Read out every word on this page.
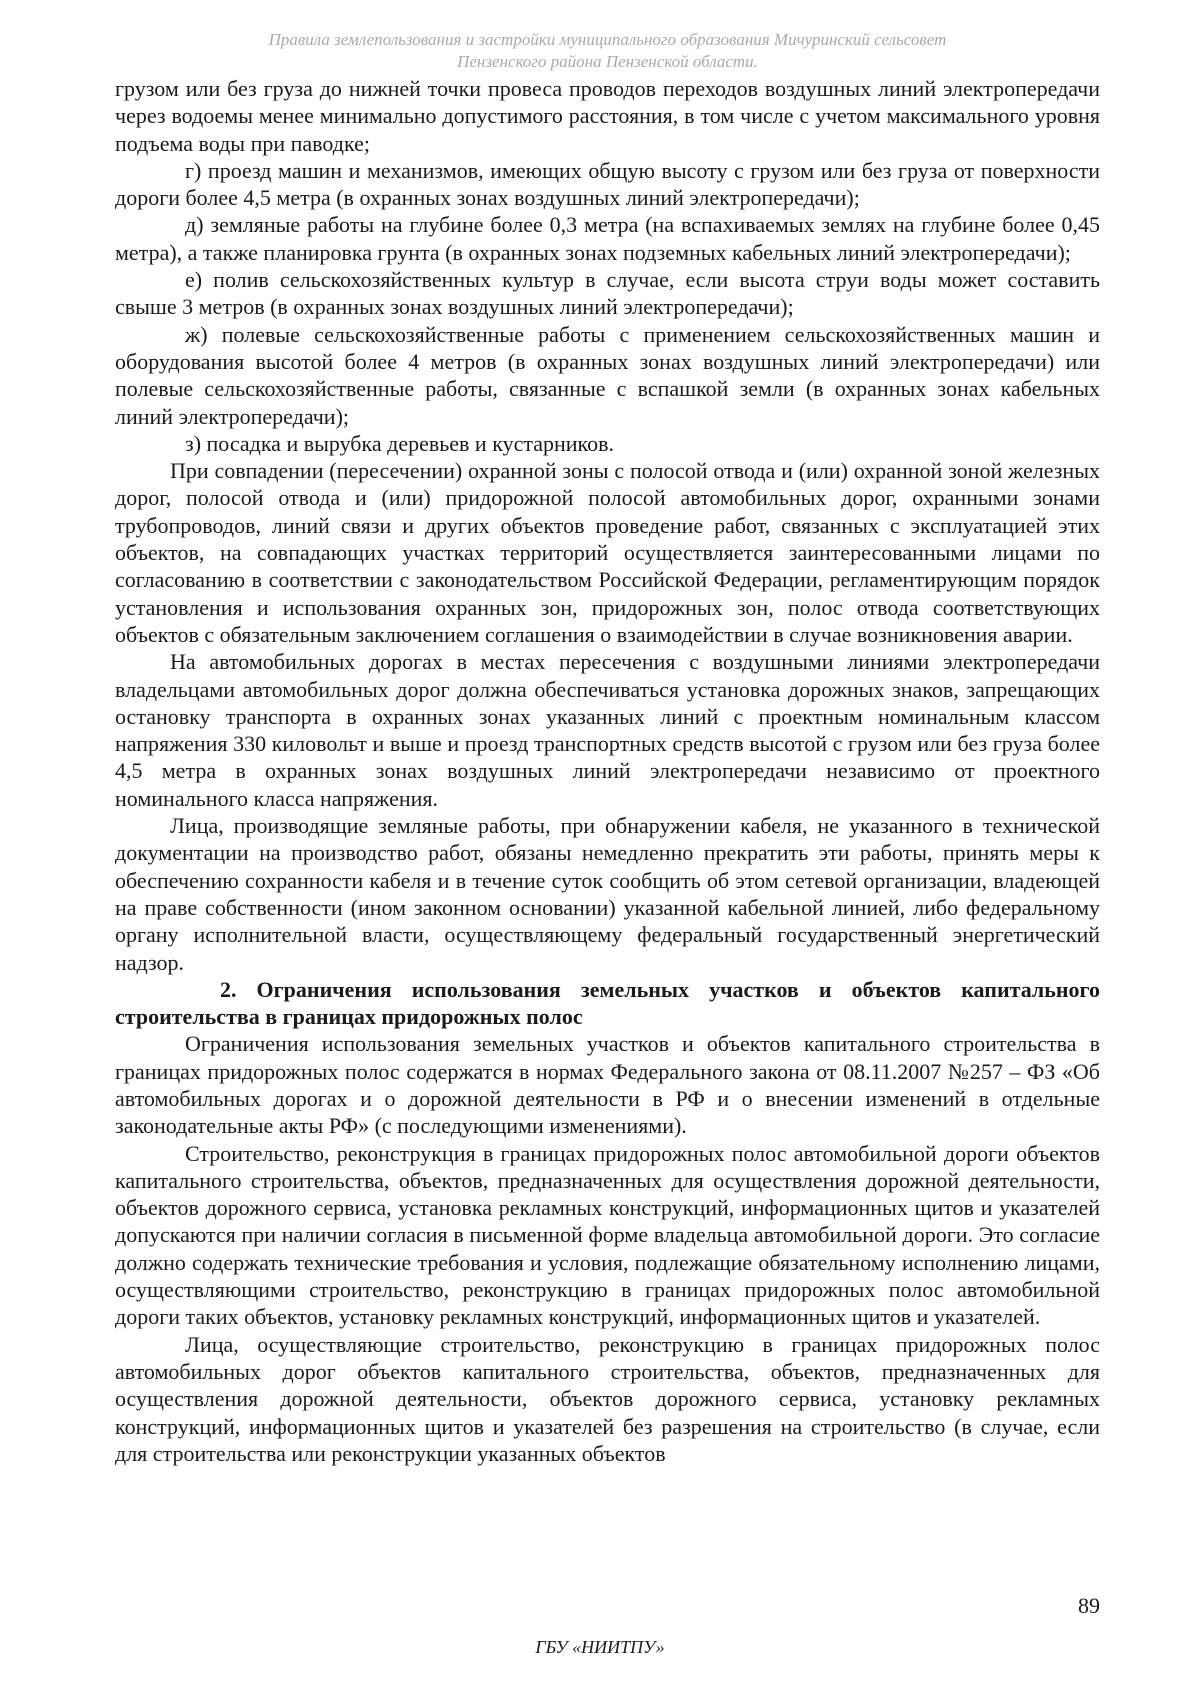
Правила землепользования и застройки муниципального образования Мичуринский сельсовет
Пензенского района Пензенской области.

грузом или без груза до нижней точки провеса проводов переходов воздушных линий электропередачи через водоемы менее минимально допустимого расстояния, в том числе с учетом максимального уровня подъема воды при паводке;

г) проезд машин и механизмов, имеющих общую высоту с грузом или без груза от поверхности дороги более 4,5 метра (в охранных зонах воздушных линий электропередачи);

д) земляные работы на глубине более 0,3 метра (на вспахиваемых землях на глубине более 0,45 метра), а также планировка грунта (в охранных зонах подземных кабельных линий электропередачи);

е) полив сельскохозяйственных культур в случае, если высота струи воды может составить свыше 3 метров (в охранных зонах воздушных линий электропередачи);

ж) полевые сельскохозяйственные работы с применением сельскохозяйственных машин и оборудования высотой более 4 метров (в охранных зонах воздушных линий электропередачи) или полевые сельскохозяйственные работы, связанные с вспашкой земли (в охранных зонах кабельных линий электропередачи);

з) посадка и вырубка деревьев и кустарников.

При совпадении (пересечении) охранной зоны с полосой отвода и (или) охранной зоной железных дорог, полосой отвода и (или) придорожной полосой автомобильных дорог, охранными зонами трубопроводов, линий связи и других объектов проведение работ, связанных с эксплуатацией этих объектов, на совпадающих участках территорий осуществляется заинтересованными лицами по согласованию в соответствии с законодательством Российской Федерации, регламентирующим порядок установления и использования охранных зон, придорожных зон, полос отвода соответствующих объектов с обязательным заключением соглашения о взаимодействии в случае возникновения аварии.

На автомобильных дорогах в местах пересечения с воздушными линиями электропередачи владельцами автомобильных дорог должна обеспечиваться установка дорожных знаков, запрещающих остановку транспорта в охранных зонах указанных линий с проектным номинальным классом напряжения 330 киловольт и выше и проезд транспортных средств высотой с грузом или без груза более 4,5 метра в охранных зонах воздушных линий электропередачи независимо от проектного номинального класса напряжения.

Лица, производящие земляные работы, при обнаружении кабеля, не указанного в технической документации на производство работ, обязаны немедленно прекратить эти работы, принять меры к обеспечению сохранности кабеля и в течение суток сообщить об этом сетевой организации, владеющей на праве собственности (ином законном основании) указанной кабельной линией, либо федеральному органу исполнительной власти, осуществляющему федеральный государственный энергетический надзор.

2. Ограничения использования земельных участков и объектов капитального строительства в границах придорожных полос

Ограничения использования земельных участков и объектов капитального строительства в границах придорожных полос содержатся в нормах Федерального закона от 08.11.2007 №257 – ФЗ «Об автомобильных дорогах и о дорожной деятельности в РФ и о внесении изменений в отдельные законодательные акты РФ» (с последующими изменениями).

Строительство, реконструкция в границах придорожных полос автомобильной дороги объектов капитального строительства, объектов, предназначенных для осуществления дорожной деятельности, объектов дорожного сервиса, установка рекламных конструкций, информационных щитов и указателей допускаются при наличии согласия в письменной форме владельца автомобильной дороги. Это согласие должно содержать технические требования и условия, подлежащие обязательному исполнению лицами, осуществляющими строительство, реконструкцию в границах придорожных полос автомобильной дороги таких объектов, установку рекламных конструкций, информационных щитов и указателей.

Лица, осуществляющие строительство, реконструкцию в границах придорожных полос автомобильных дорог объектов капитального строительства, объектов, предназначенных для осуществления дорожной деятельности, объектов дорожного сервиса, установку рекламных конструкций, информационных щитов и указателей без разрешения на строительство (в случае, если для строительства или реконструкции указанных объектов

89
ГБУ «НИИТПУ»
